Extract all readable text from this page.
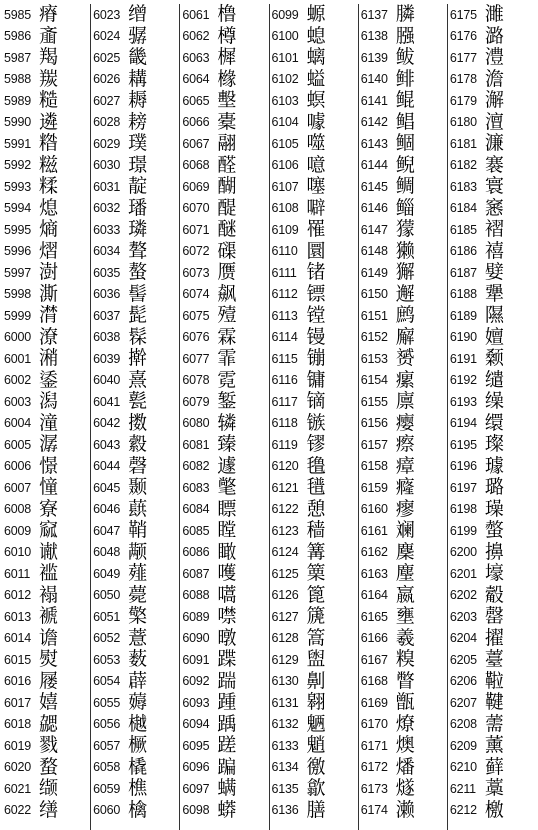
5985 瘠
5986 齑
5987 羯
5988 羰
5989 糙
5990 遴
5991 糌
5992 糍
5993 糅
5994 熄
5995 熵
5996 熠
5997 澍
5998 澌
5999 潸
6000 潦
6001 潲
6002 鋈
6003 潟
6004 潼
6005 潺
6006 憬
6007 憧
6008 寮
6009 窳
6010 谳
6011 褴
6012 褟
6013 褫
6014 谵
6015 熨
6016 屦
6017 嬉
6018 勰
6019 戮
6020 蝥
6021 缬
6022 缮
6023 缯
6024 骣
6025 畿
6026 耩
6027 耨
6028 耪
6029 璞
6030 璟
6031 靛
6032 璠
6033 璘
6034 聱
6035 螯
6036 髻
6037 髭
6038 髹
6039 擀
6040 熹
6041 甏
6042 擞
6043 縠
6044 磬
6045 颞
6046 蕻
6047 鞘
6048 颟
6049 薤
6050 薨
6051 檠
6052 薏
6053 薮
6054 薜
6055 薅
6056 樾
6057 橛
6058 橇
6059 樵
6060 檎
6061 橹
6062 樽
6063 樨
6064 橼
6065 墼
6066 橐
6067 翮
6068 醛
6069 醐
6070 醍
6071 醚
6072 磲
6073 赝
6074 飙
6075 殪
6076 霖
6077 霏
6078 霓
6079 錾
6080 辚
6081 臻
6082 遽
6083 氅
6084 瞟
6085 瞠
6086 瞰
6087 嚄
6088 嚆
6089 噤
6090 暾
6091 蹀
6092 踹
6093 踵
6094 踽
6095 蹉
6096 蹁
6097 螨
6098 蟒
6099 螈
6100 螅
6101 螭
6102 螠
6103 螟
6104 噱
6105 噬
6106 噫
6107 噻
6108 噼
6109 罹
6110 圜
6111 锗
6112 镖
6113 镗
6114 镘
6115 镚
6116 镛
6117 镝
6118 镞
6119 镠
6120 氇
6121 氆
6122 憩
6123 穑
6124 篝
6125 篥
6126 篦
6127 篪
6128 篙
6129 盥
6130 劓
6131 翱
6132 魉
6133 魈
6134 徼
6135 歙
6136 膳
6137 膦
6138 膙
6139 鲅
6140 鲱
6141 鲲
6142 鲳
6143 鲴
6144 鲵
6145 鲷
6146 鲻
6147 獴
6148 獭
6149 獬
6150 邂
6151 鹧
6152 廨
6153 赟
6154 瘰
6155 廪
6156 瘿
6157 瘵
6158 瘴
6159 癃
6160 瘳
6161 斓
6162 麇
6163 麈
6164 嬴
6165 壅
6166 羲
6167 糗
6168 瞥
6169 甑
6170 燎
6171 燠
6172 燔
6173 燧
6174 濑
6175 濉
6176 潞
6177 澧
6178 澹
6179 澥
6180 澶
6181 濂
6182 褰
6183 寰
6184 窸
6185 褶
6186 禧
6187 嬖
6188 犟
6189 隰
6190 嬗
6191 颡
6192 缱
6193 缲
6194 缳
6195 璨
6196 璩
6197 璐
6198 璪
6199 螫
6200 擤
6201 壕
6202 觳
6203 罄
6204 擢
6205 薹
6206 鞡
6207 鞬
6208 薷
6209 薰
6210 藓
6211 藁
6212 檄
